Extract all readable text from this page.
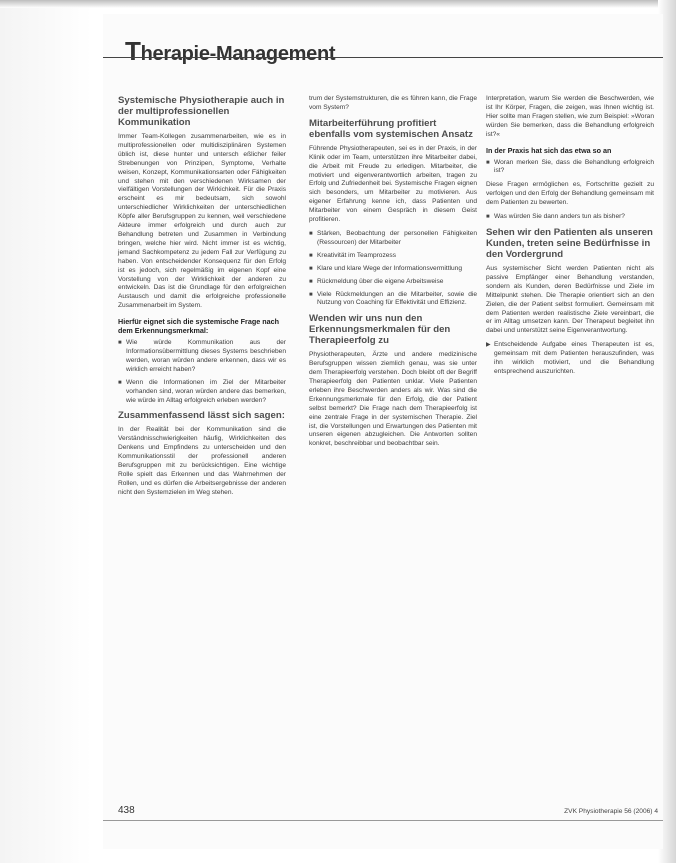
Therapie-Management
Systemische Physiotherapie auch in der multiprofessionellen Kommunikation

Immer Team-Kollegen zusammenarbeiten, wie es in multiprofessionellen oder multidisziplinären Systemen üblich ist, diese hunter und untersch eßlicher feiler Strebenungen von Prinzipen, Symptome, Verhalte weisen, Konzept, Kommunikationsarten oder Fähigkeiten und stehen mit den verschiedenen Wirksamen der vielfältigen Vorstellungen der Wirkichkeit. Für die Praxis erscheint es mir bedeutsam, sich sowohl unterschiedlicher Wirklichkeiten der unterschiedlichen Köpfe aller Berufsgruppen zu kennen, weil verschiedene Akteure immer erfolgreich und durch auch zur Behandlung betreten und Zusammen in Verbindung bringen, welche hier wird. Nicht immer ist es wichtig, jemand Sachkompetenz zu jedem Fall zur Verfügung zu haben. Von entscheidender Konsequenz für den Erfolg ist es jedoch, sich regelmäßig im eigenen Kopf eine Vorstellung von der Wirklichkeit der anderen zu entwickeln. Das ist die Grundlage für den erfolgreichen Austausch und damit die erfolgreiche professionelle Zusammenarbeit im System.

Hierfür eignet sich die systemische Frage nach dem Erkennungsmerkmal:
■ Wie würde Kommunikation aus der Informationsübermittlung dieses Systems beschrieben werden, woran würden andere erkennen, dass wir es wirklich erreicht haben?
■ Wenn die Informationen im Ziel der Mitarbeiter vorhanden sind, woran würden andere das bemerken, wie würde im Alltag erfolgreich erleben werden?
Zusammenfassend lässt sich sagen:

In der Realität bei der Kommunikation sind die Verständnisschwierigkeiten häufig, Wirklichkeiten des Denkens und Empfindens zu unterscheiden und den Kommunikationsstil der professionell anderen Berufsgruppen mit zu berücksichtigen. Eine wichtige Rolle spielt das Erkennen und das Wahrnehmen der Rollen, und es dürfen die Arbeitsergebnisse der anderen nicht den Systemzielen im Weg stehen.

trum der Systemstrukturen, die es führen kann, die Frage vom System?

Mitarbeiterführung profitiert ebenfalls vom systemischen Ansatz

Führende Physiotherapeuten, sei es in der Praxis, in der Klinik oder im Team, unterstützen ihre Mitarbeiter dabei, die Arbeit mit Freude zu erledigen. Mitarbeiter, die motiviert und eigenverantwortlich arbeiten, tragen zu Erfolg und Zufriedenheit bei. Systemische Fragen eignen sich besonders, um Mitarbeiter zu motivieren. Aus eigener Erfahrung kenne ich, dass Patienten und Mitarbeiter von einem Gespräch in diesem Geist profitieren.

■ Stärken, Beobachtung der personellen Fähigkeiten (Ressourcen) der Mitarbeiter
■ Kreativität im Teamprozess
■ Klare und klare Wege der Informationsvermittlung
■ Rückmeldung über die eigene Arbeitsweise
■ Viele Rückmeldungen an die Mitarbeiter, sowie die Nutzung von Coaching für Effektivität und Effizienz.
Wenden wir uns nun den Erkennungsmerkmalen für den Therapieerfolg zu

Physiotherapeuten, Ärzte und andere medizinische Berufsgruppen wissen ziemlich genau, was sie unter dem Therapieerfolg verstehen. Doch bleibt oft der Begriff Therapieerfolg den Patienten unklar. Viele Patienten erleben ihre Beschwerden anders als wir. Was sind die Erkennungsmerkmale für den Erfolg, die der Patient selbst bemerkt? Die Frage nach dem Therapieerfolg ist eine zentrale Frage in der systemischen Therapie. Ziel ist, die Vorstellungen und Erwartungen des Patienten mit unseren eigenen abzugleichen. Die Antworten sollten konkret, beschreibbar und beobachtbar sein.

Interpretation, warum Sie werden die Beschwerden, wie ist Ihr Körper, Fragen, die zeigen, was Ihnen wichtig ist. Hier sollte man Fragen stellen, wie zum Beispiel: »Woran würden Sie bemerken, dass die Behandlung erfolgreich ist?«

In der Praxis hat sich das etwa so an
■ Woran merken Sie, dass die Behandlung erfolgreich ist?

Diese Fragen ermöglichen es, Fortschritte gezielt zu verfolgen und den Erfolg der Behandlung gemeinsam mit dem Patienten zu bewerten.

■ Was würden Sie dann anders tun als bisher?
Sehen wir den Patienten als unseren Kunden, treten seine Bedürfnisse in den Vordergrund

Aus systemischer Sicht werden Patienten nicht als passive Empfänger einer Behandlung verstanden, sondern als Kunden, deren Bedürfnisse und Ziele im Mittelpunkt stehen. Die Therapie orientiert sich an den Zielen, die der Patient selbst formuliert. Gemeinsam mit dem Patienten werden realistische Ziele vereinbart, die er im Alltag umsetzen kann. Der Therapeut begleitet ihn dabei und unterstützt seine Eigenverantwortung.

▶ Entscheidende Aufgabe eines Therapeuten ist es, gemeinsam mit dem Patienten herauszufinden, was ihn wirklich motiviert, und die Behandlung entsprechend auszurichten.
438	ZVK Physiotherapie 56 (2006) 4
